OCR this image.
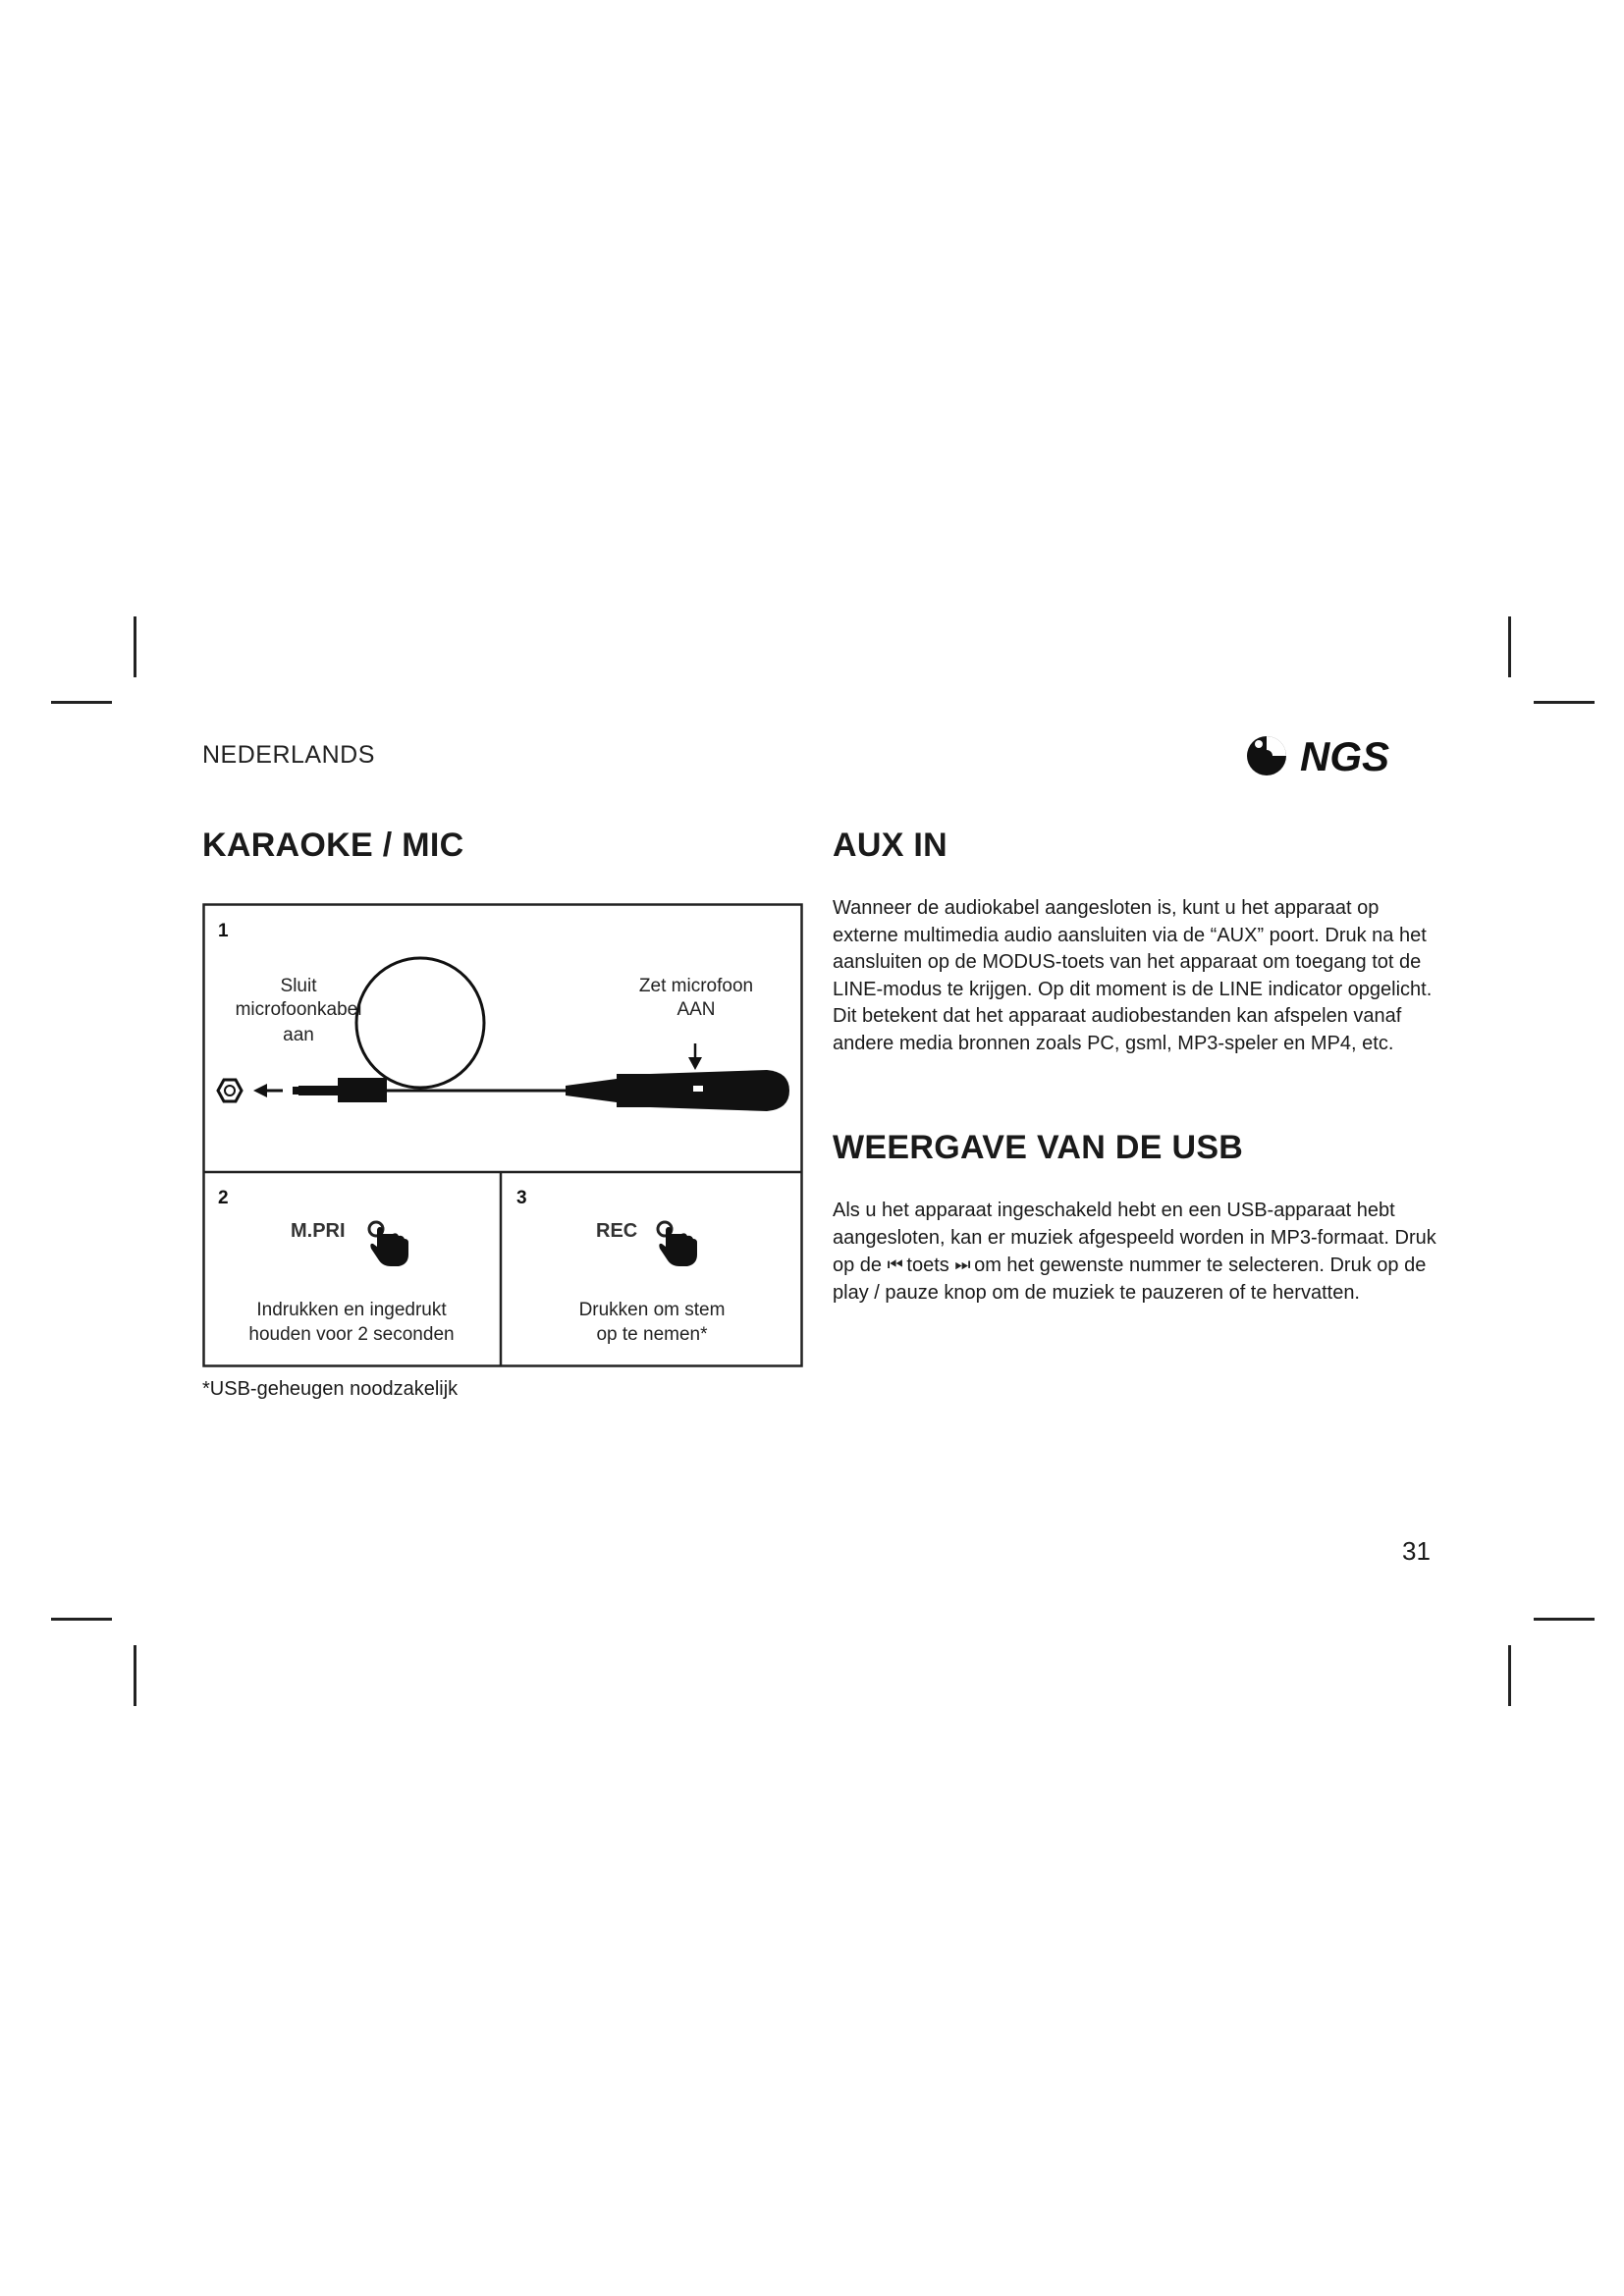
NEDERLANDS	NGS
KARAOKE / MIC	AUX IN
WEERGAVE VAN DE USB

Wanneer de audiokabel aangesloten is, kunt u het apparaat op externe multimedia audio aansluiten via de “AUX” poort. Druk na het aansluiten op de MODUS-toets van het apparaat om toegang tot de LINE-modus te krijgen. Op dit moment is de LINE indicator opgelicht. Dit betekent dat het apparaat audiobestanden kan afspelen vanaf andere media bronnen zoals PC, gsml, MP3-speler en MP4, etc.

Als u het apparaat ingeschakeld hebt en een USB-apparaat hebt aangesloten, kan er muziek afgespeeld worden in MP3-formaat. Druk op de ⏮ toets ⏭ om het gewenste nummer te selecteren. Druk op de play / pauze knop om de muziek te pauzeren of te hervatten.

1
Sluit
microfoonkabel
aan
Zet microfoon
AAN
2
M.PRI
Indrukken en ingedrukt
houden voor 2 seconden
3
REC
Drukken om stem
op te nemen*
*USB-geheugen noodzakelijk
31
